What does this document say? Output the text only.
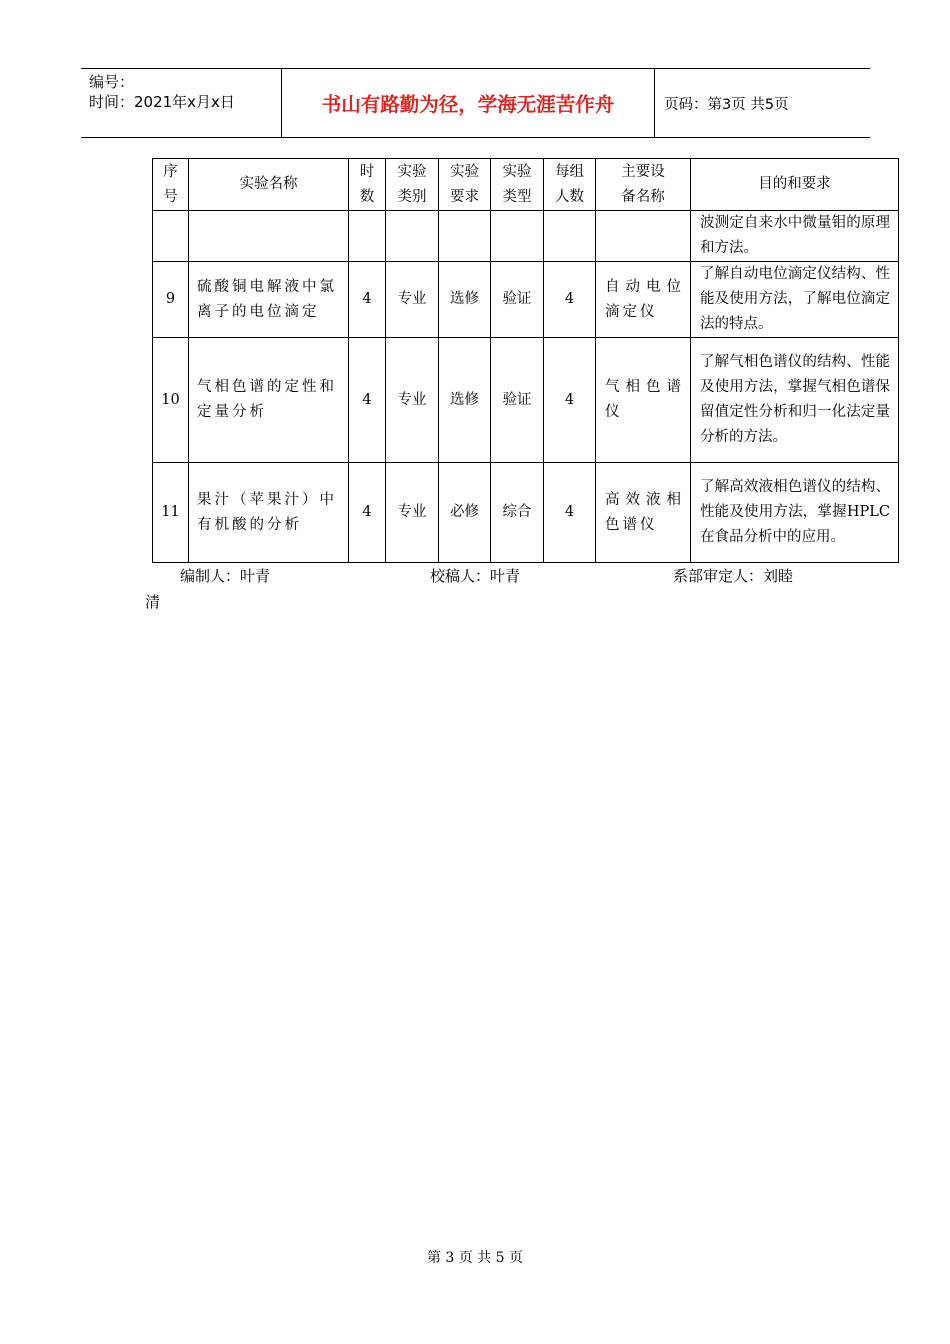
编号：
时间：2021年x月x日	书山有路勤为径，学海无涯苦作舟	页码：第3页 共5页
序号	实验名称	时数	实验类别	实验要求	实验类型	每组人数	主要设备名称	目的和要求
								波测定自来水中微量钼的原理和方法。
9	硫酸铜电解液中氯离子的电位滴定	4	专业	选修	验证	4	自动电位滴定仪	了解自动电位滴定仪结构、性能及使用方法，了解电位滴定法的特点。
10	气相色谱的定性和定量分析	4	专业	选修	验证	4	气相色谱仪	了解气相色谱仪的结构、性能及使用方法，掌握气相色谱保留值定性分析和归一化法定量分析的方法。
11	果汁（苹果汁）中有机酸的分析	4	专业	必修	综合	4	高效液相色谱仪	了解高效液相色谱仪的结构、性能及使用方法，掌握HPLC在食品分析中的应用。
编制人：叶青	校稿人：叶青	系部审定人：刘睦
清
第 3 页 共 5 页
